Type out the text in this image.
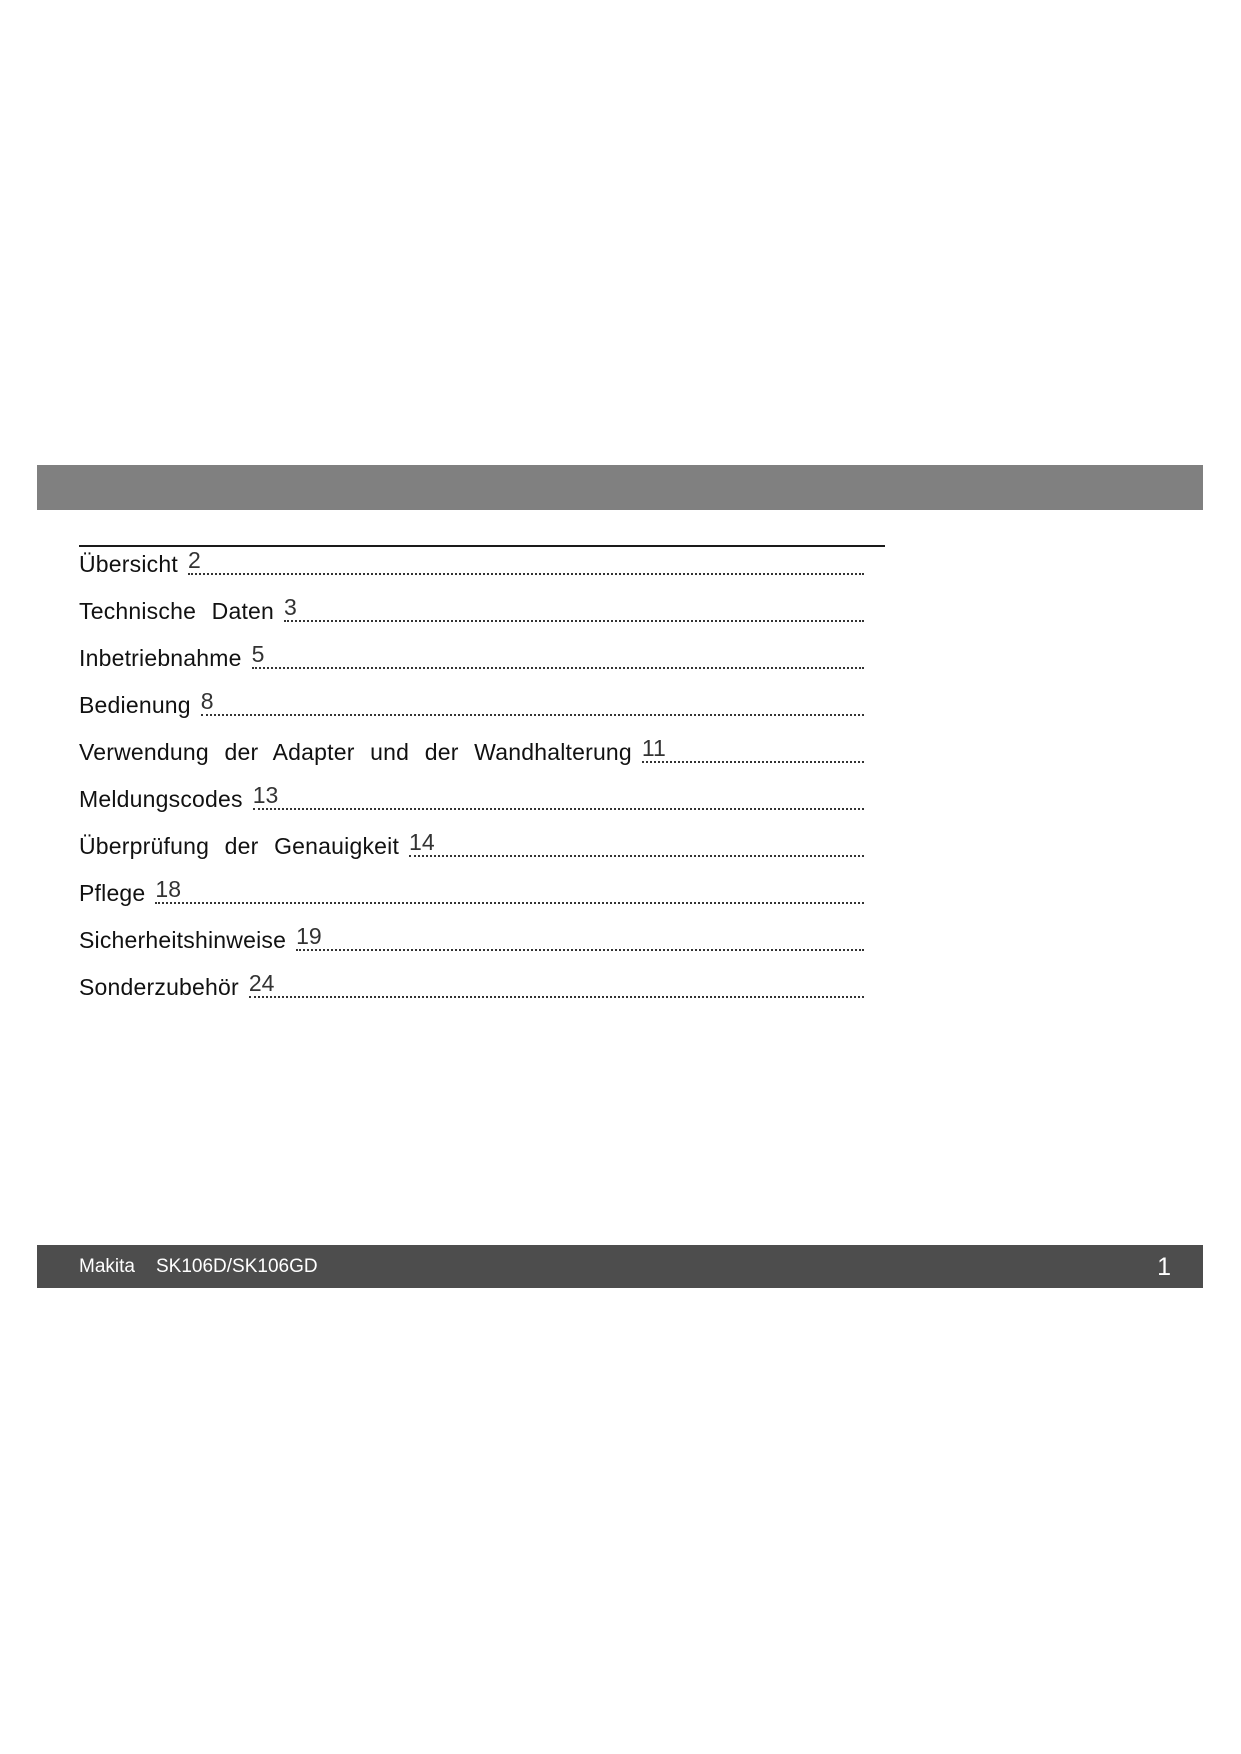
Übersicht 2
Technische Daten 3
Inbetriebnahme 5
Bedienung 8
Verwendung der Adapter und der Wandhalterung 11
Meldungscodes 13
Überprüfung der Genauigkeit 14
Pflege 18
Sicherheitshinweise 19
Sonderzubehör 24
Makita SK106D/SK106GD	1
